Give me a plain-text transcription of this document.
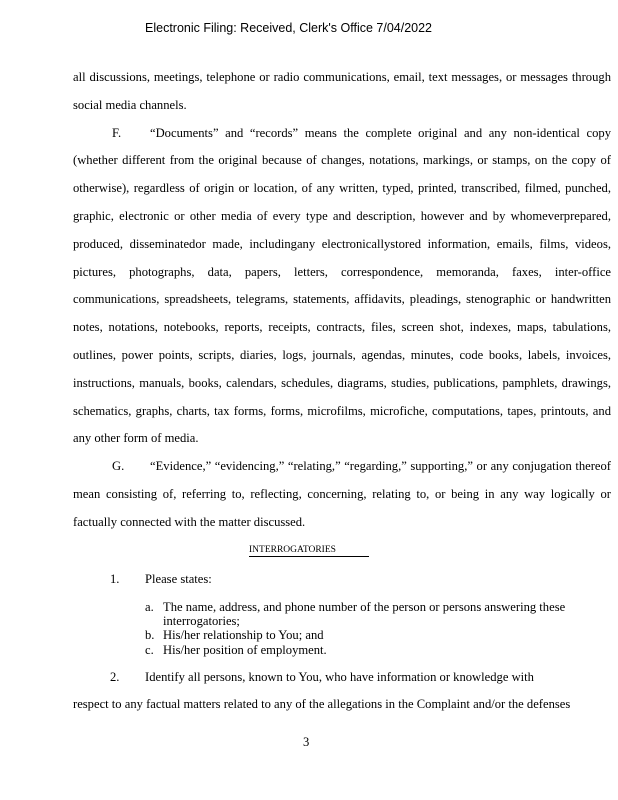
Electronic Filing: Received, Clerk's Office 7/04/2022

all discussions, meetings, telephone or radio communications, email, text messages, or messages through social media channels.

F. “Documents” and “records” means the complete original and any non-identical copy (whether different from the original because of changes, notations, markings, or stamps, on the copy of otherwise), regardless of origin or location, of any written, typed, printed, transcribed, filmed, punched, graphic, electronic or other media of every type and description, however and by whomeverprepared, produced, disseminatedor made, includingany electronicallystored information, emails, films, videos, pictures, photographs, data, papers, letters, correspondence, memoranda, faxes, inter-office communications, spreadsheets, telegrams, statements, affidavits, pleadings, stenographic or handwritten notes, notations, notebooks, reports, receipts, contracts, files, screen shot, indexes, maps, tabulations, outlines, power points, scripts, diaries, logs, journals, agendas, minutes, code books, labels, invoices, instructions, manuals, books, calendars, schedules, diagrams, studies, publications, pamphlets, drawings, schematics, graphs, charts, tax forms, forms, microfilms, microfiche, computations, tapes, printouts, and any other form of media.

G. “Evidence,” “evidencing,” “relating,” “regarding,” supporting,” or any conjugation thereof mean consisting of, referring to, reflecting, concerning, relating to, or being in any way logically or factually connected with the matter discussed.

INTERROGATORIES
1. Please states:
a. The name, address, and phone number of the person or persons answering these interrogatories;
b. His/her relationship to You; and
c. His/her position of employment.
2. Identify all persons, known to You, who have information or knowledge with
respect to any factual matters related to any of the allegations in the Complaint and/or the defenses
3
